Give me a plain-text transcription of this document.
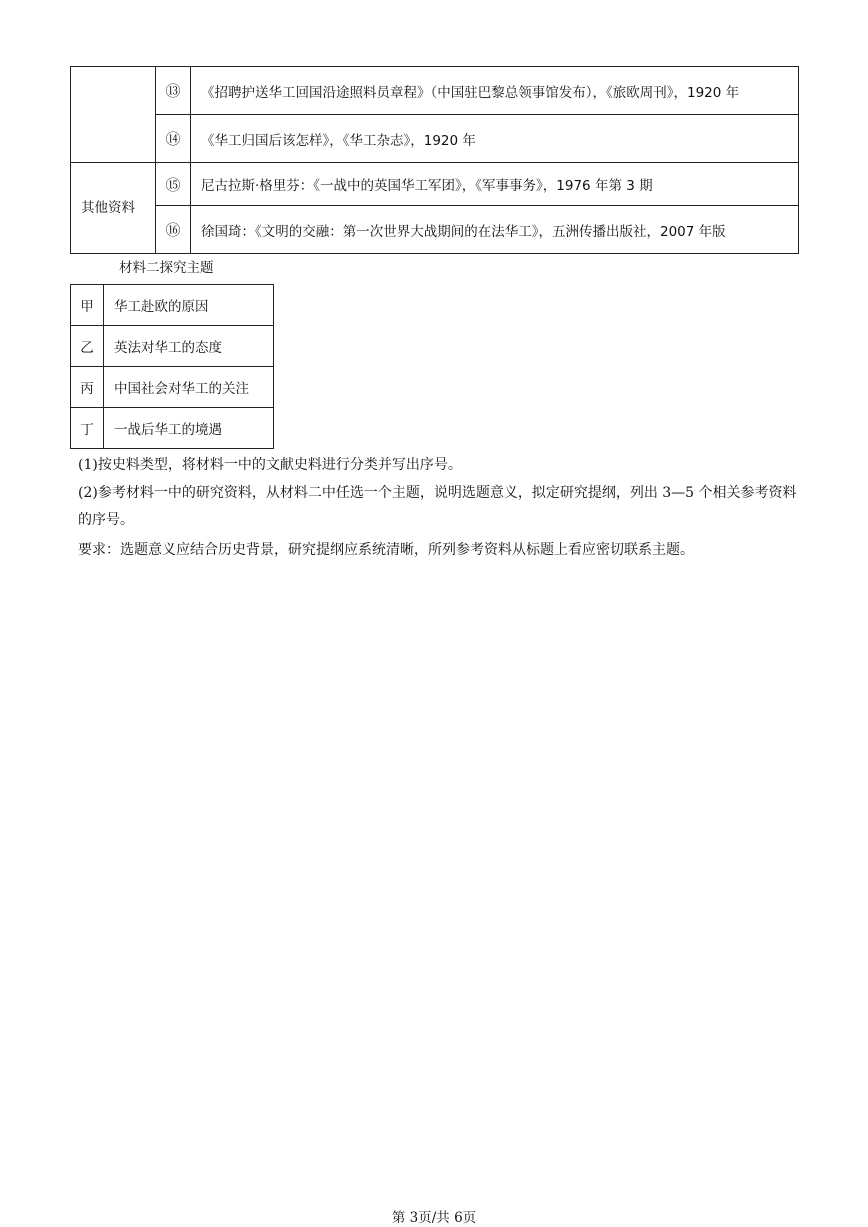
	⑬	《招聘护送华工回国沿途照料员章程》（中国驻巴黎总领事馆发布），《旅欧周刊》，1920 年
	⑭	《华工归国后该怎样》，《华工杂志》，1920 年
其他资料	⑮	尼古拉斯·格里芬：《一战中的英国华工军团》，《军事事务》，1976 年第 3 期
	⑯	徐国琦：《文明的交融：第一次世界大战期间的在法华工》，五洲传播出版社，2007 年版
材料二探究主题
甲	华工赴欧的原因
乙	英法对华工的态度
丙	中国社会对华工的关注
丁	一战后华工的境遇
(1)按史料类型，将材料一中的文献史料进行分类并写出序号。
(2)参考材料一中的研究资料，从材料二中任选一个主题，说明选题意义，拟定研究提纲，列出 3—5 个相关参考资料的序号。
要求：选题意义应结合历史背景，研究提纲应系统清晰，所列参考资料从标题上看应密切联系主题。
第 3页/共 6页
